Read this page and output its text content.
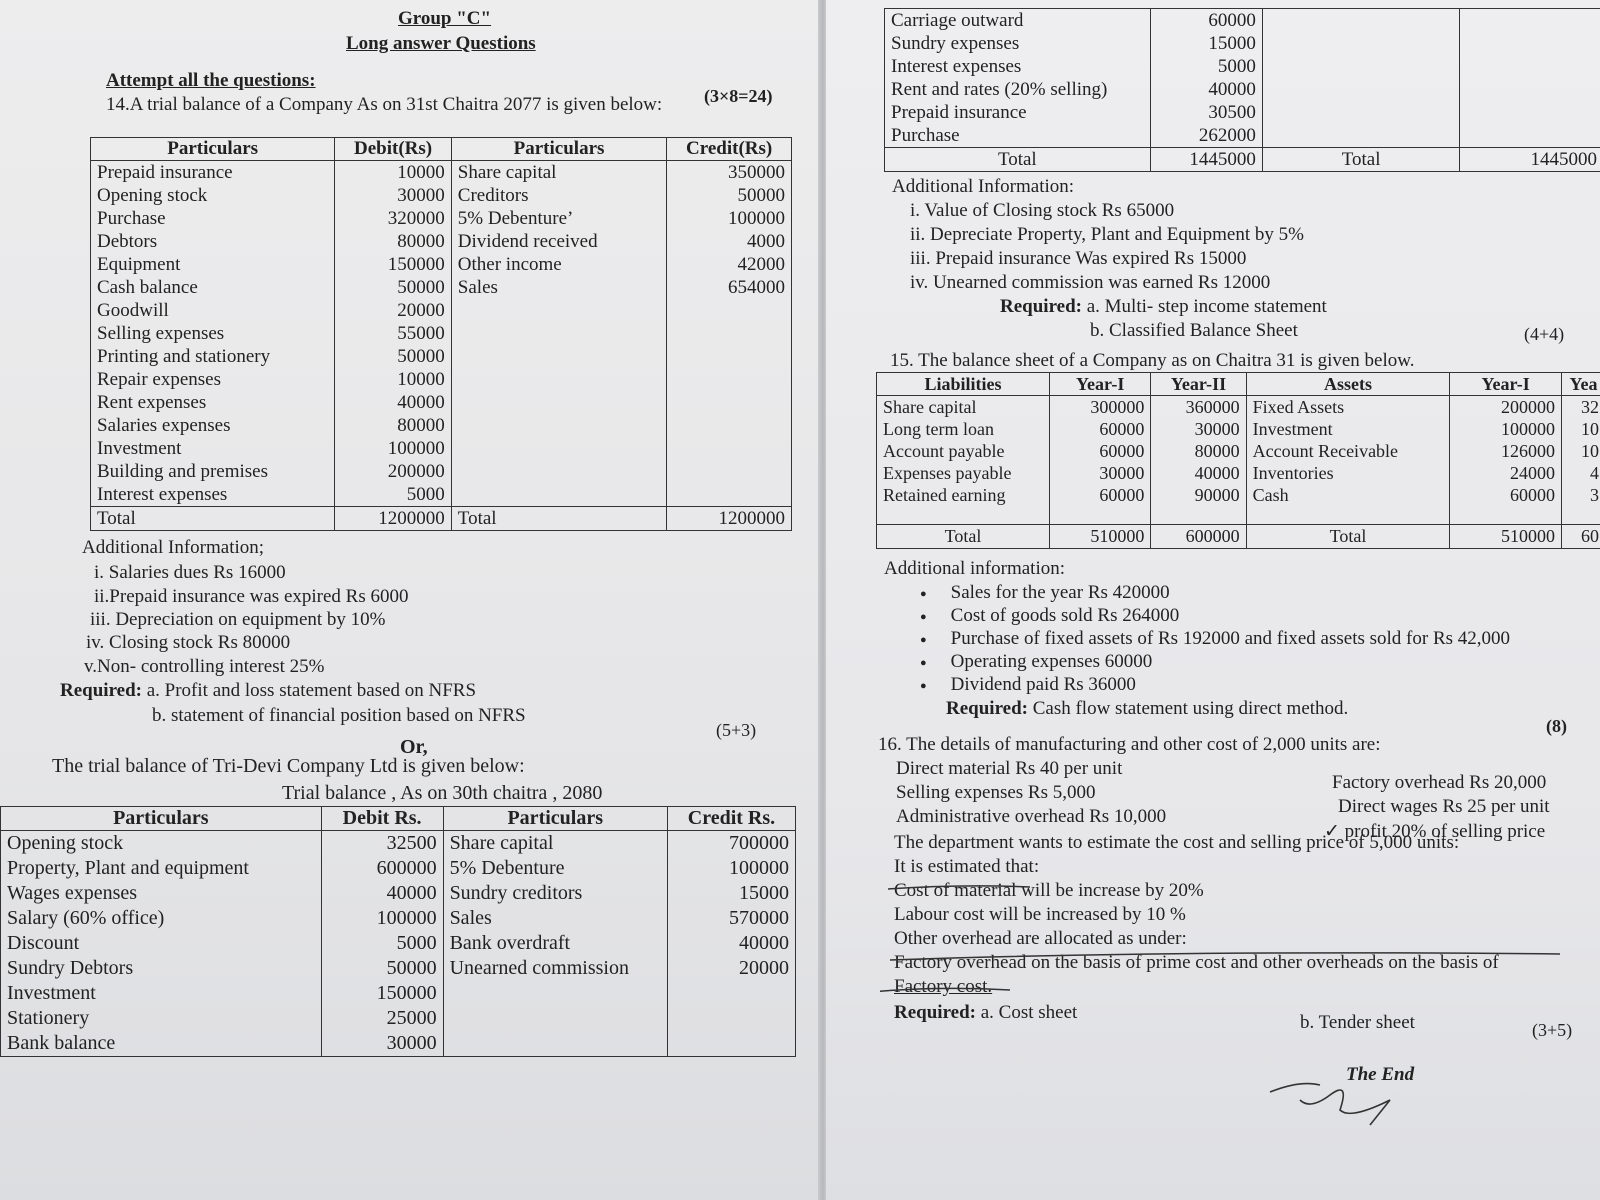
Group "C"
Long answer Questions
Attempt all the questions:
(3×8=24)
14.A trial balance of a Company As on 31st Chaitra 2077 is given below:
Particulars	Debit(Rs)	Particulars	Credit(Rs)
Prepaid insurance	10000	Share capital	350000
Opening stock	30000	Creditors	50000
Purchase	320000	5% Debenture’	100000
Debtors	80000	Dividend received	4000
Equipment	150000	Other income	42000
Cash balance	50000	Sales	654000
Goodwill	20000		
Selling expenses	55000		
Printing and stationery	50000		
Repair expenses	10000		
Rent expenses	40000		
Salaries expenses	80000		
Investment	100000		
Building and premises	200000		
Interest expenses	5000		
Total	1200000	Total	1200000
Additional Information;
i. Salaries dues Rs 16000
ii.Prepaid insurance was expired Rs 6000
iii. Depreciation on equipment by 10%
iv. Closing stock Rs 80000
v.Non- controlling interest 25%
Required: a. Profit and loss statement based on NFRS
b. statement of financial position based on NFRS
(5+3)
Or,
The trial balance of Tri-Devi Company Ltd is given below:
Trial balance , As on 30th chaitra , 2080
Particulars	Debit Rs.	Particulars	Credit Rs.
Opening stock	32500	Share capital	700000
Property, Plant and equipment	600000	5% Debenture	100000
Wages expenses	40000	Sundry creditors	15000
Salary (60% office)	100000	Sales	570000
Discount	5000	Bank overdraft	40000
Sundry Debtors	50000	Unearned commission	20000
Investment	150000		
Stationery	25000		
Bank balance	30000		
Carriage outward	60000		
Sundry expenses	15000		
Interest expenses	5000		
Rent and rates (20% selling)	40000		
Prepaid insurance	30500		
Purchase	262000		
Total	1445000	Total	1445000
Additional Information:
i. Value of Closing stock Rs 65000
ii. Depreciate Property, Plant and Equipment by 5%
iii. Prepaid insurance Was expired Rs 15000
iv. Unearned commission was earned Rs 12000
Required: a. Multi- step income statement
b. Classified Balance Sheet	(4+4)
15. The balance sheet of a Company as on Chaitra 31 is given below.
Liabilities	Year-I	Year-II	Assets	Year-I	Yea
Share capital	300000	360000	Fixed Assets	200000	32
Long term loan	60000	30000	Investment	100000	10
Account payable	60000	80000	Account Receivable	126000	10
Expenses payable	30000	40000	Inventories	24000	4
Retained earning	60000	90000	Cash	60000	3

Total	510000	600000	Total	510000	60
Additional information:
● Sales for the year Rs 420000
● Cost of goods sold Rs 264000
● Purchase of fixed assets of Rs 192000 and fixed assets sold for Rs 42,000
● Operating expenses 60000
● Dividend paid Rs 36000
Required: Cash flow statement using direct method.
(8)
16. The details of manufacturing and other cost of 2,000 units are:
Direct material Rs 40 per unit
Factory overhead Rs 20,000
Selling expenses Rs 5,000
Direct wages Rs 25 per unit
Administrative overhead Rs 10,000
✓ profit 20% of selling price
The department wants to estimate the cost and selling price of 5,000 units:
It is estimated that:
Cost of material will be increase by 20%
Labour cost will be increased by 10 %
Other overhead are allocated as under:
Factory overhead on the basis of prime cost and other overheads on the basis of
Factory cost.
Required: a. Cost sheet	b. Tender sheet	(3+5)
The End
